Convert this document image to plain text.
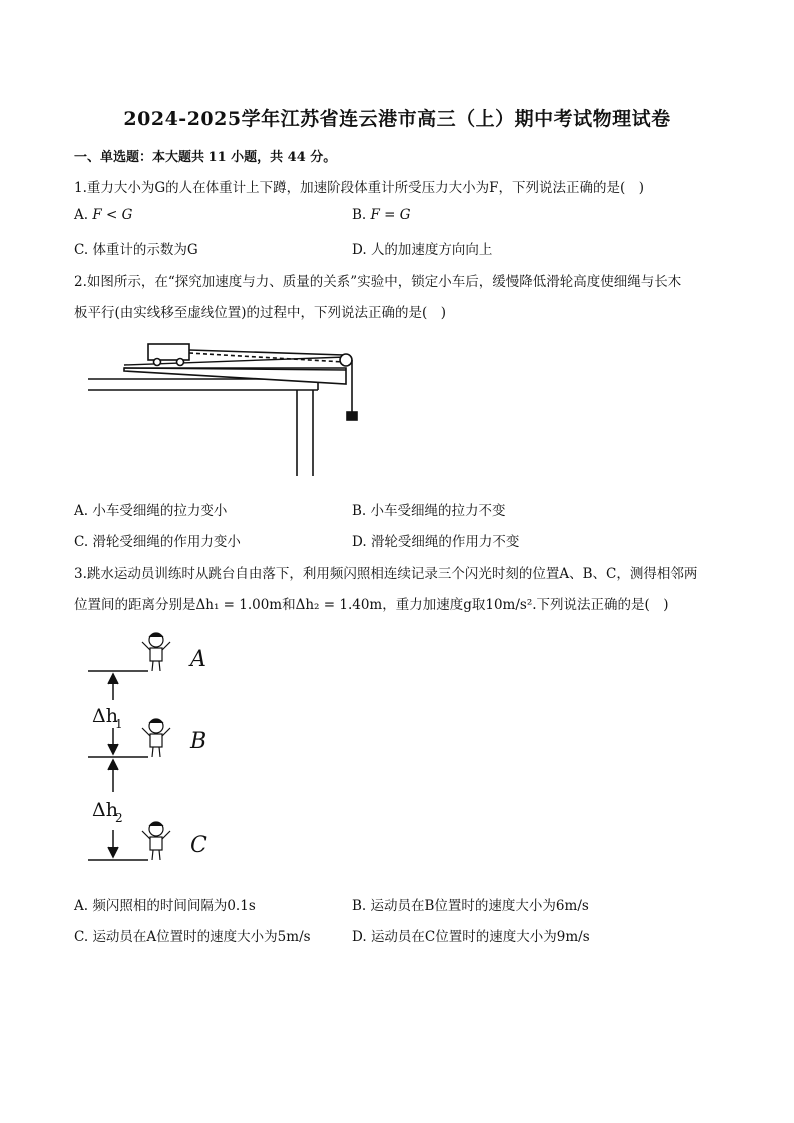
2024-2025学年江苏省连云港市高三（上）期中考试物理试卷
一、单选题：本大题共 11 小题，共 44 分。
1.重力大小为G的人在体重计上下蹲，加速阶段体重计所受压力大小为F，下列说法正确的是(　)
A. F < G	B. F = G
C. 体重计的示数为G	D. 人的加速度方向向上
2.如图所示，在“探究加速度与力、质量的关系”实验中，锁定小车后，缓慢降低滑轮高度使细绳与长木
板平行(由实线移至虚线位置)的过程中，下列说法正确的是(　)
A. 小车受细绳的拉力变小	B. 小车受细绳的拉力不变
C. 滑轮受细绳的作用力变小	D. 滑轮受细绳的作用力不变
3.跳水运动员训练时从跳台自由落下，利用频闪照相连续记录三个闪光时刻的位置A、B、C，测得相邻两
位置间的距离分别是Δh₁ = 1.00m和Δh₂ = 1.40m，重力加速度g取10m/s².下列说法正确的是(　)
A
B
C
Δh
1
Δh
2
A. 频闪照相的时间间隔为0.1s	B. 运动员在B位置时的速度大小为6m/s
C. 运动员在A位置时的速度大小为5m/s	D. 运动员在C位置时的速度大小为9m/s
